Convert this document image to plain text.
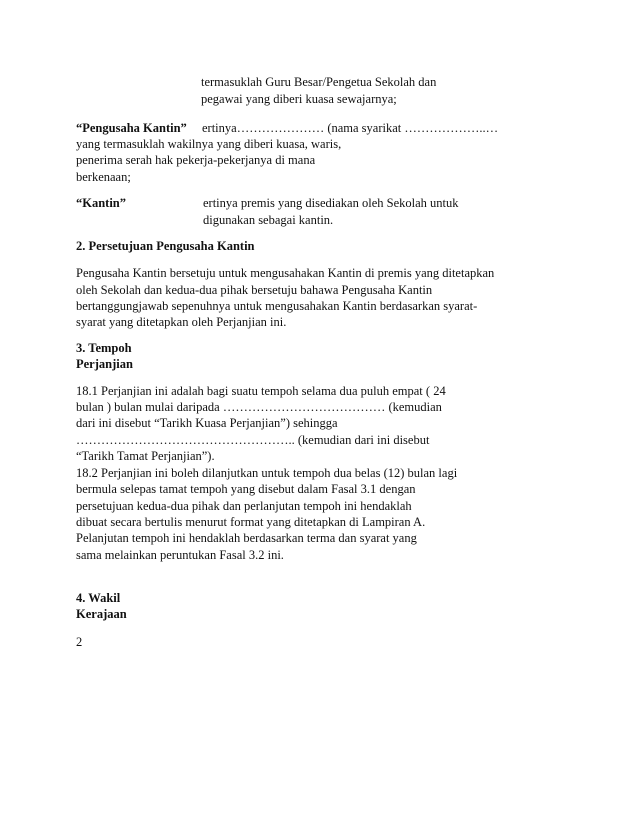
termasuklah Guru Besar/Pengetua Sekolah dan
pegawai yang diberi kuasa sewajarnya;
“Pengusaha Kantin” ertinya………………… (nama syarikat ………………..…
yang termasuklah wakilnya yang diberi kuasa, waris,
penerima serah hak pekerja-pekerjanya di mana
berkenaan;
“Kantin”	ertinya premis yang disediakan oleh Sekolah untuk
digunakan sebagai kantin.
2. Persetujuan Pengusaha Kantin
Pengusaha Kantin bersetuju untuk mengusahakan Kantin di premis yang ditetapkan
oleh Sekolah dan kedua-dua pihak bersetuju bahawa Pengusaha Kantin
bertanggungjawab sepenuhnya untuk mengusahakan Kantin berdasarkan syarat-
syarat yang ditetapkan oleh Perjanjian ini.
3. Tempoh
Perjanjian
18.1 Perjanjian ini adalah bagi suatu tempoh selama dua puluh empat ( 24
bulan ) bulan mulai daripada ………………………………… (kemudian
dari ini disebut “Tarikh Kuasa Perjanjian”) sehingga
…………………………………………….. (kemudian dari ini disebut
“Tarikh Tamat Perjanjian”).
18.2 Perjanjian ini boleh dilanjutkan untuk tempoh dua belas (12) bulan lagi
bermula selepas tamat tempoh yang disebut dalam Fasal 3.1 dengan
persetujuan kedua-dua pihak dan perlanjutan tempoh ini hendaklah
dibuat secara bertulis menurut format yang ditetapkan di Lampiran A.
Pelanjutan tempoh ini hendaklah berdasarkan terma dan syarat yang
sama melainkan peruntukan Fasal 3.2 ini.
4. Wakil
Kerajaan
2
